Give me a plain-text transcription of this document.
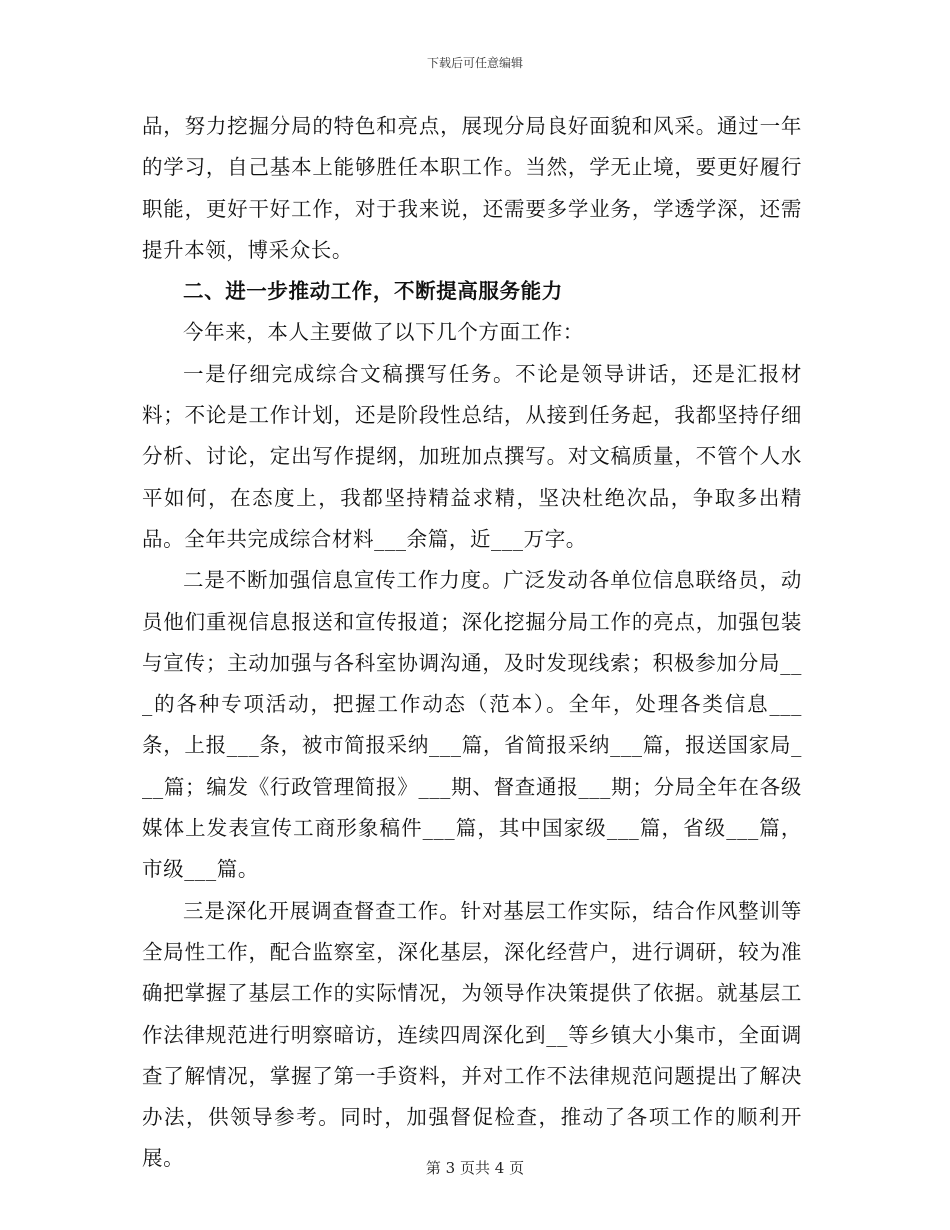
下载后可任意编辑

品，努力挖掘分局的特色和亮点，展现分局良好面貌和风采。通过一年的学习，自己基本上能够胜任本职工作。当然，学无止境，要更好履行职能，更好干好工作，对于我来说，还需要多学业务，学透学深，还需提升本领，博采众长。

二、进一步推动工作，不断提高服务能力

今年来，本人主要做了以下几个方面工作：

一是仔细完成综合文稿撰写任务。不论是领导讲话，还是汇报材料；不论是工作计划，还是阶段性总结，从接到任务起，我都坚持仔细分析、讨论，定出写作提纲，加班加点撰写。对文稿质量，不管个人水平如何，在态度上，我都坚持精益求精，坚决杜绝次品，争取多出精品。全年共完成综合材料___余篇，近___万字。

二是不断加强信息宣传工作力度。广泛发动各单位信息联络员，动员他们重视信息报送和宣传报道；深化挖掘分局工作的亮点，加强包装与宣传；主动加强与各科室协调沟通，及时发现线索；积极参加分局___的各种专项活动，把握工作动态（范本）。全年，处理各类信息___条，上报___条，被市简报采纳___篇，省简报采纳___篇，报送国家局___篇；编发《行政管理简报》___期、督查通报___期；分局全年在各级媒体上发表宣传工商形象稿件___篇，其中国家级___篇，省级___篇，市级___篇。

三是深化开展调查督查工作。针对基层工作实际，结合作风整训等全局性工作，配合监察室，深化基层，深化经营户，进行调研，较为准确把掌握了基层工作的实际情况，为领导作决策提供了依据。就基层工作法律规范进行明察暗访，连续四周深化到__等乡镇大小集市，全面调查了解情况，掌握了第一手资料，并对工作不法律规范问题提出了解决办法，供领导参考。同时，加强督促检查，推动了各项工作的顺利开展。	第 3 页共 4 页
